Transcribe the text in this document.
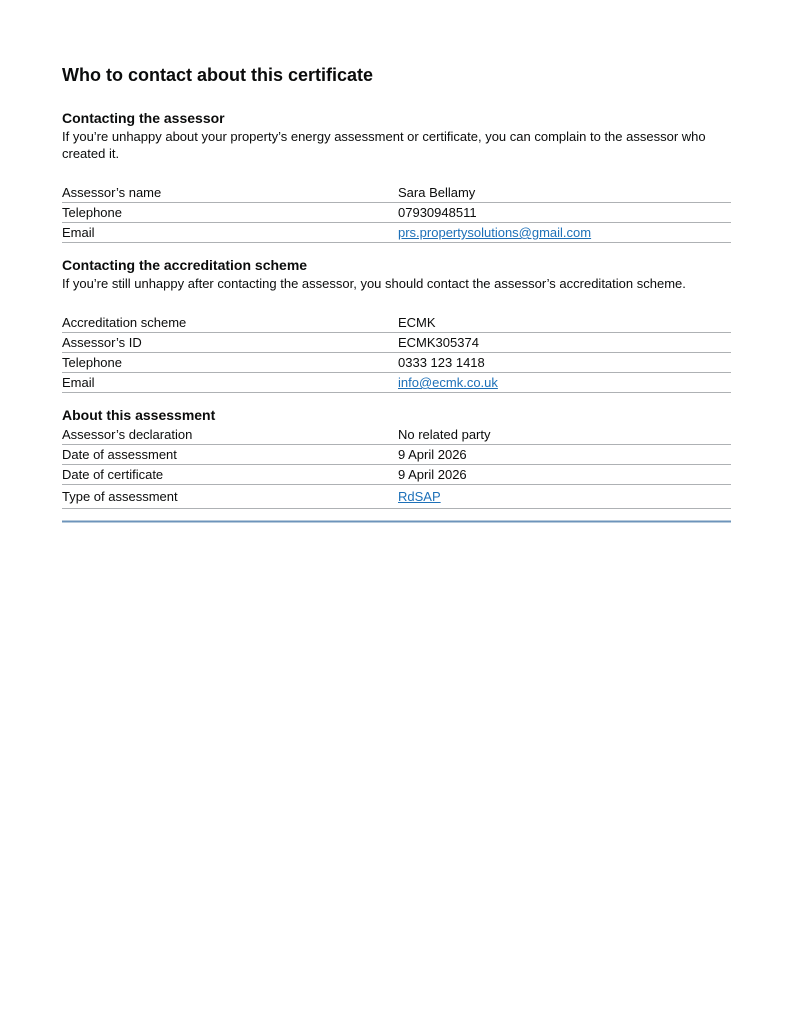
Who to contact about this certificate
Contacting the assessor

If you’re unhappy about your property’s energy assessment or certificate, you can complain to the assessor who created it.

Assessor’s name	Sara Bellamy
Telephone	07930948511
Email	prs.propertysolutions@gmail.com
Contacting the accreditation scheme

If you’re still unhappy after contacting the assessor, you should contact the assessor’s accreditation scheme.

Accreditation scheme	ECMK
Assessor’s ID	ECMK305374
Telephone	0333 123 1418
Email	info@ecmk.co.uk
About this assessment
Assessor’s declaration	No related party
Date of assessment	9 April 2026
Date of certificate	9 April 2026
Type of assessment	RdSAP
